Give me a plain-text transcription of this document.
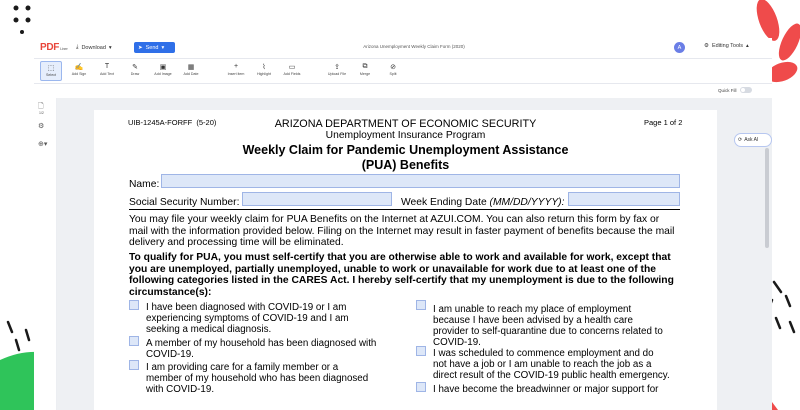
PDFLiner ⤓ Download ▾	➤ Send ▾	Arizona Unemployment Weekly Claim Form (2020)	A	⚙ Editing Tools ▴
⬚
Select
✍
Add Sign
T
Add Text
✎
Draw
▣
Add Image
▦
Add Date
+
Insert item
⌇
Highlight
▭
Add Fields
⇪
Upload File
⧉
Merge
⊘
Split
Quick Fill
🗋
1/2
⚙
⊕▾
⟳ Ask AI
UIB-1245A-FORFF (5-20)	Page 1 of 2
ARIZONA DEPARTMENT OF ECONOMIC SECURITY
Unemployment Insurance Program
Weekly Claim for Pandemic Unemployment Assistance
(PUA) Benefits
Name:
Social Security Number:	Week Ending Date (MM/DD/YYYY):
You may file your weekly claim for PUA Benefits on the Internet at AZUI.COM. You can also return this form by fax or
mail with the information provided below. Filing on the Internet may result in faster payment of benefits because the mail
delivery and processing time will be eliminated.
To qualify for PUA, you must self-certify that you are otherwise able to work and available for work, except that
you are unemployed, partially unemployed, unable to work or unavailable for work due to at least one of the
following categories listed in the CARES Act. I hereby self-certify that my unemployment is due to the following
circumstance(s):
I have been diagnosed with COVID-19 or I am
experiencing symptoms of COVID-19 and I am
seeking a medical diagnosis.
A member of my household has been diagnosed with
COVID-19.
I am providing care for a family member or a
member of my household who has been diagnosed
with COVID-19.
I am unable to reach my place of employment
because I have been advised by a health care
provider to self-quarantine due to concerns related to
COVID-19.
I was scheduled to commence employment and do
not have a job or I am unable to reach the job as a
direct result of the COVID-19 public health emergency.
I have become the breadwinner or major support for
